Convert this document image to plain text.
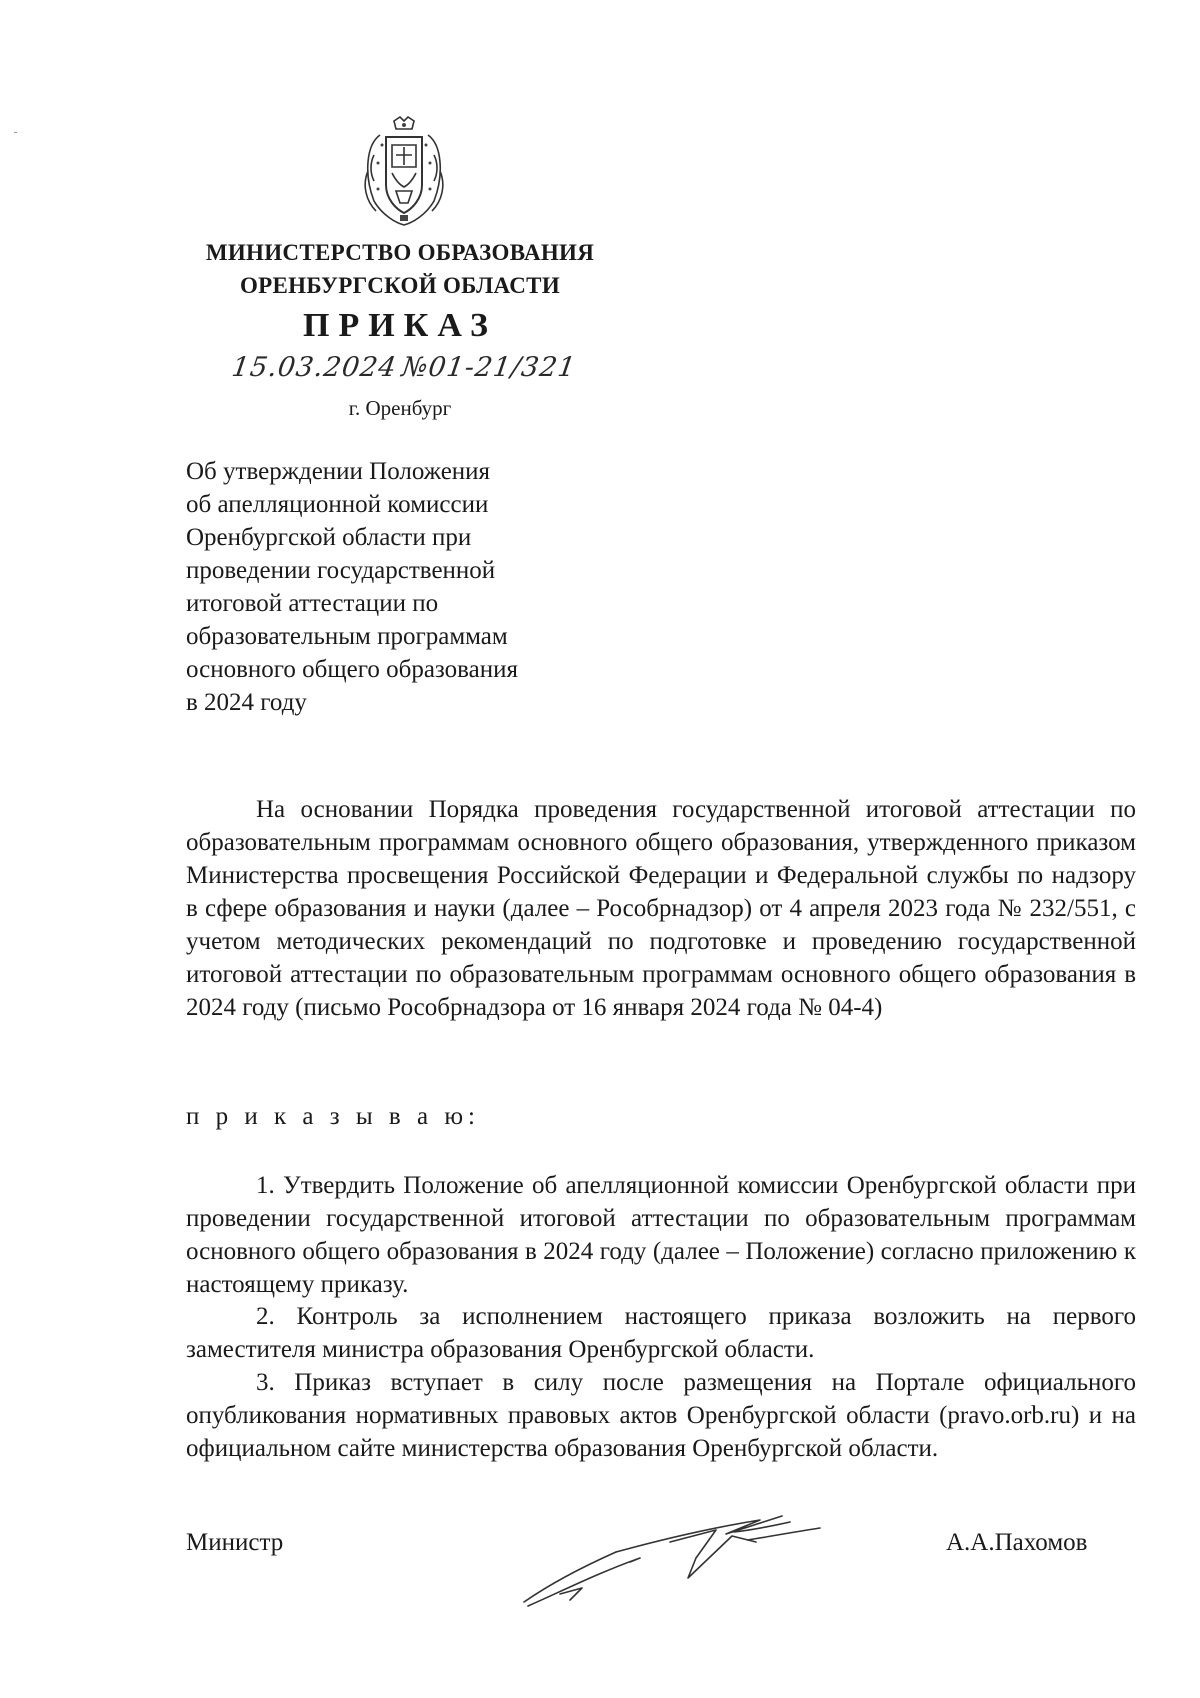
МИНИСТЕРСТВО ОБРАЗОВАНИЯ
ОРЕНБУРГСКОЙ ОБЛАСТИ
ПРИКАЗ
15.03.2024 №01-21/321
г. Оренбург
Об утверждении Положения
об апелляционной комиссии
Оренбургской области при
проведении государственной
итоговой аттестации по
образовательным программам
основного общего образования
в 2024 году
На основании Порядка проведения государственной итоговой аттестации по образовательным программам основного общего образования, утвержденного приказом Министерства просвещения Российской Федерации и Федеральной службы по надзору в сфере образования и науки (далее – Рособрнадзор) от 4 апреля 2023 года № 232/551, с учетом методических рекомендаций по подготовке и проведению государственной итоговой аттестации по образовательным программам основного общего образования в 2024 году (письмо Рособрнадзора от 16 января 2024 года № 04-4)
п р и к а з ы в а ю:
1. Утвердить Положение об апелляционной комиссии Оренбургской области при проведении государственной итоговой аттестации по образовательным программам основного общего образования в 2024 году (далее – Положение) согласно приложению к настоящему приказу.
2. Контроль за исполнением настоящего приказа возложить на первого заместителя министра образования Оренбургской области.
3. Приказ вступает в силу после размещения на Портале официального опубликования нормативных правовых актов Оренбургской области (pravo.orb.ru) и на официальном сайте министерства образования Оренбургской области.
Министр	А.А.Пахомов
